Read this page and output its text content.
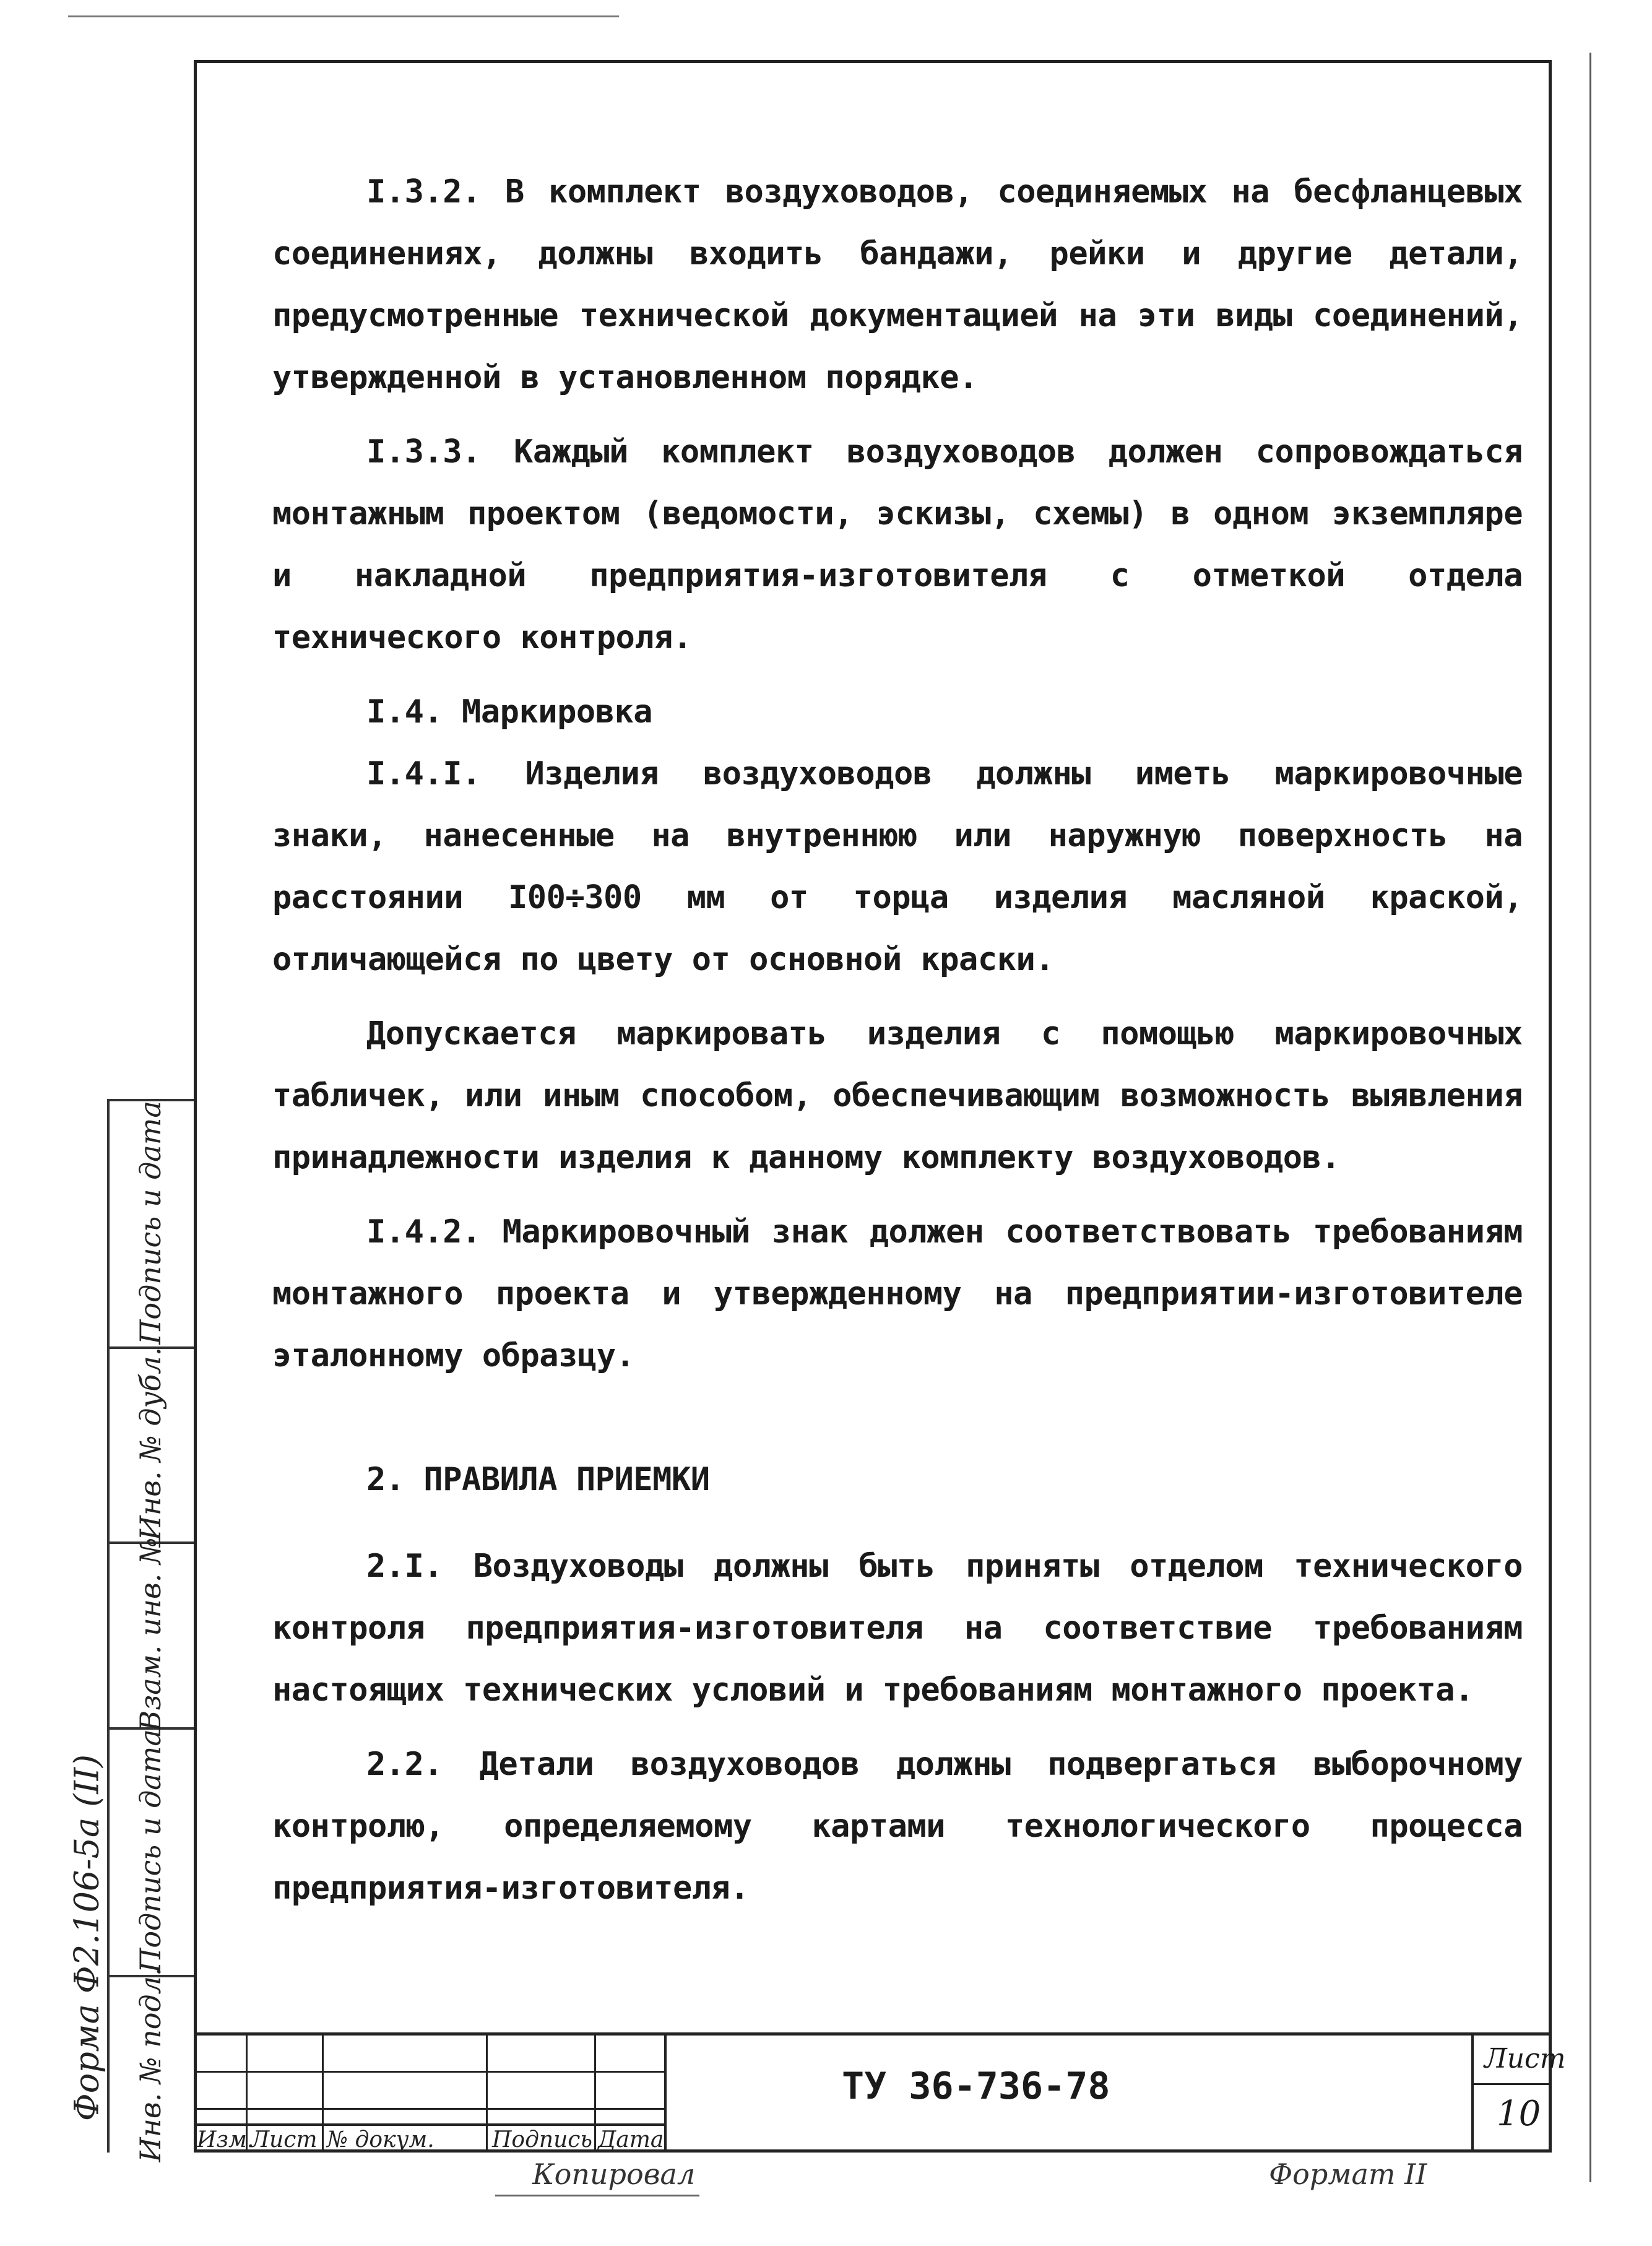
I.3.2. В комплект воздуховодов, соединяемых на бесфланцевых соединениях, должны входить бандажи, рейки и другие детали, предусмотренные технической документацией на эти виды соединений, утвержденной в установленном порядке.

I.3.3. Каждый комплект воздуховодов должен сопровождаться монтажным проектом (ведомости, эскизы, схемы) в одном экземпляре и накладной предприятия-изготовителя с отметкой отдела технического контроля.

I.4. Маркировка

I.4.I. Изделия воздуховодов должны иметь маркировочные знаки, нанесенные на внутреннюю или наружную поверхность на расстоянии I00÷300 мм от торца изделия масляной краской, отличающейся по цвету от основной краски.

Допускается маркировать изделия с помощью маркировочных табличек, или иным способом, обеспечивающим возможность выявления принадлежности изделия к данному комплекту воздуховодов.

I.4.2. Маркировочный знак должен соответствовать требованиям монтажного проекта и утвержденному на предприятии-изготовителе эталонному образцу.

2. ПРАВИЛА ПРИЕМКИ

2.I. Воздуховоды должны быть приняты отделом технического контроля предприятия-изготовителя на соответствие требованиям настоящих технических условий и требованиям монтажного проекта.

2.2. Детали воздуховодов должны подвергаться выборочному контролю, определяемому картами технологического процесса предприятия-изготовителя.

Подпись и дата
Инв. № дубл.
Взам. инв. №
Подпись и дата
Инв. № подл.
Форма Ф2.106-5а (II)
Изм.
Лист № докум.	Подпись Дата
ТУ 36-736-78
Лист
10
Копировал	Формат II
